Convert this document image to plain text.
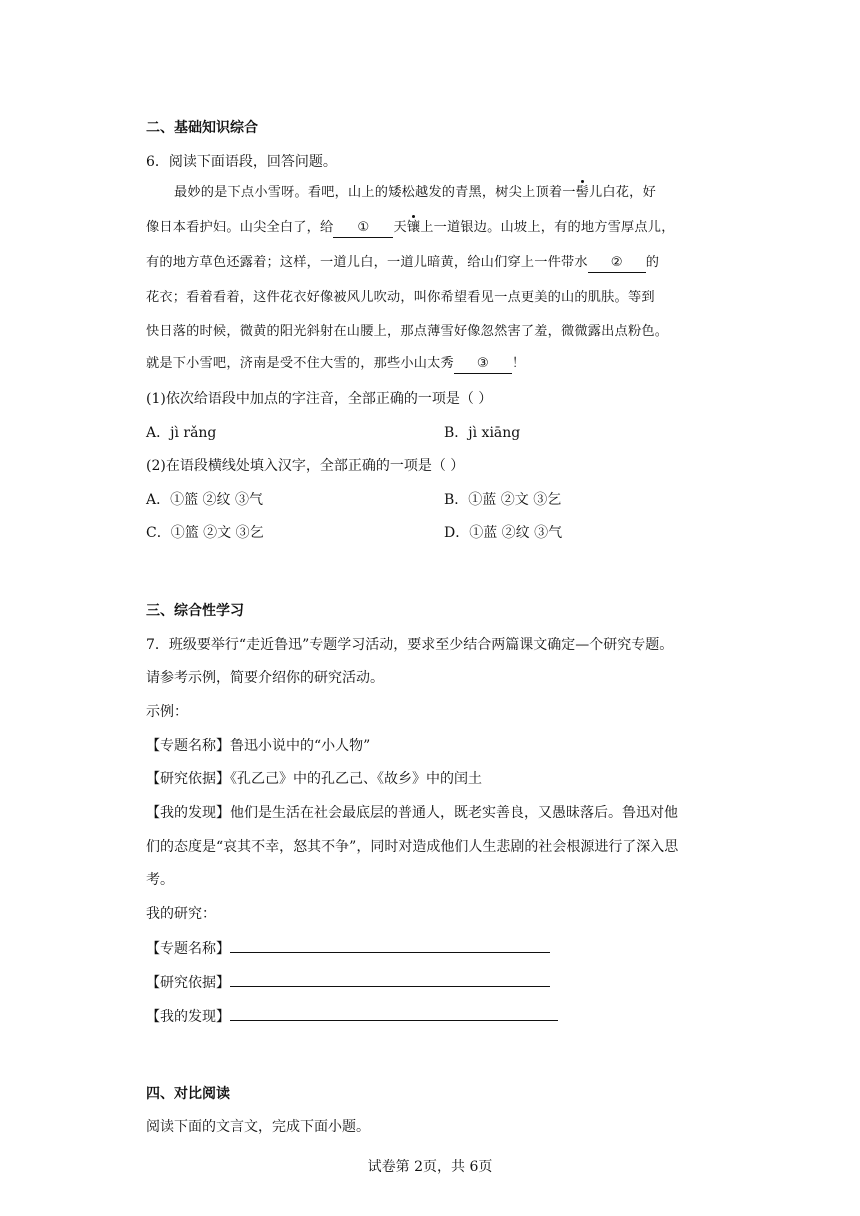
二、基础知识综合
6．阅读下面语段，回答问题。
最妙的是下点小雪呀。看吧，山上的矮松越发的青黑，树尖上顶着一髻儿白花，好
像日本看护妇。山尖全白了，给 ① 天镶上一道银边。山坡上，有的地方雪厚点儿，
有的地方草色还露着；这样，一道儿白，一道儿暗黄，给山们穿上一件带水 ② 的
花衣；看着看着，这件花衣好像被风儿吹动，叫你希望看见一点更美的山的肌肤。等到
快日落的时候，微黄的阳光斜射在山腰上，那点薄雪好像忽然害了羞，微微露出点粉色。
就是下小雪吧，济南是受不住大雪的，那些小山太秀 ③ ！
(1)依次给语段中加点的字注音，全部正确的一项是（ ）
A．jì rǎng	B．jì xiāng
(2)在语段横线处填入汉字，全部正确的一项是（ ）
A．①篮 ②纹 ③气	B．①蓝 ②文 ③乞
C．①篮 ②文 ③乞	D．①蓝 ②纹 ③气
三、综合性学习
7．班级要举行“走近鲁迅”专题学习活动，要求至少结合两篇课文确定—个研究专题。
请参考示例，简要介绍你的研究活动。
示例：
【专题名称】鲁迅小说中的“小人物”
【研究依据】《孔乙己》中的孔乙己、《故乡》中的闰土
【我的发现】他们是生活在社会最底层的普通人，既老实善良，又愚昧落后。鲁迅对他
们的态度是“哀其不幸，怒其不争”，同时对造成他们人生悲剧的社会根源进行了深入思
考。
我的研究：
【专题名称】
【研究依据】
【我的发现】
四、对比阅读
阅读下面的文言文，完成下面小题。
试卷第 2页，共 6页
